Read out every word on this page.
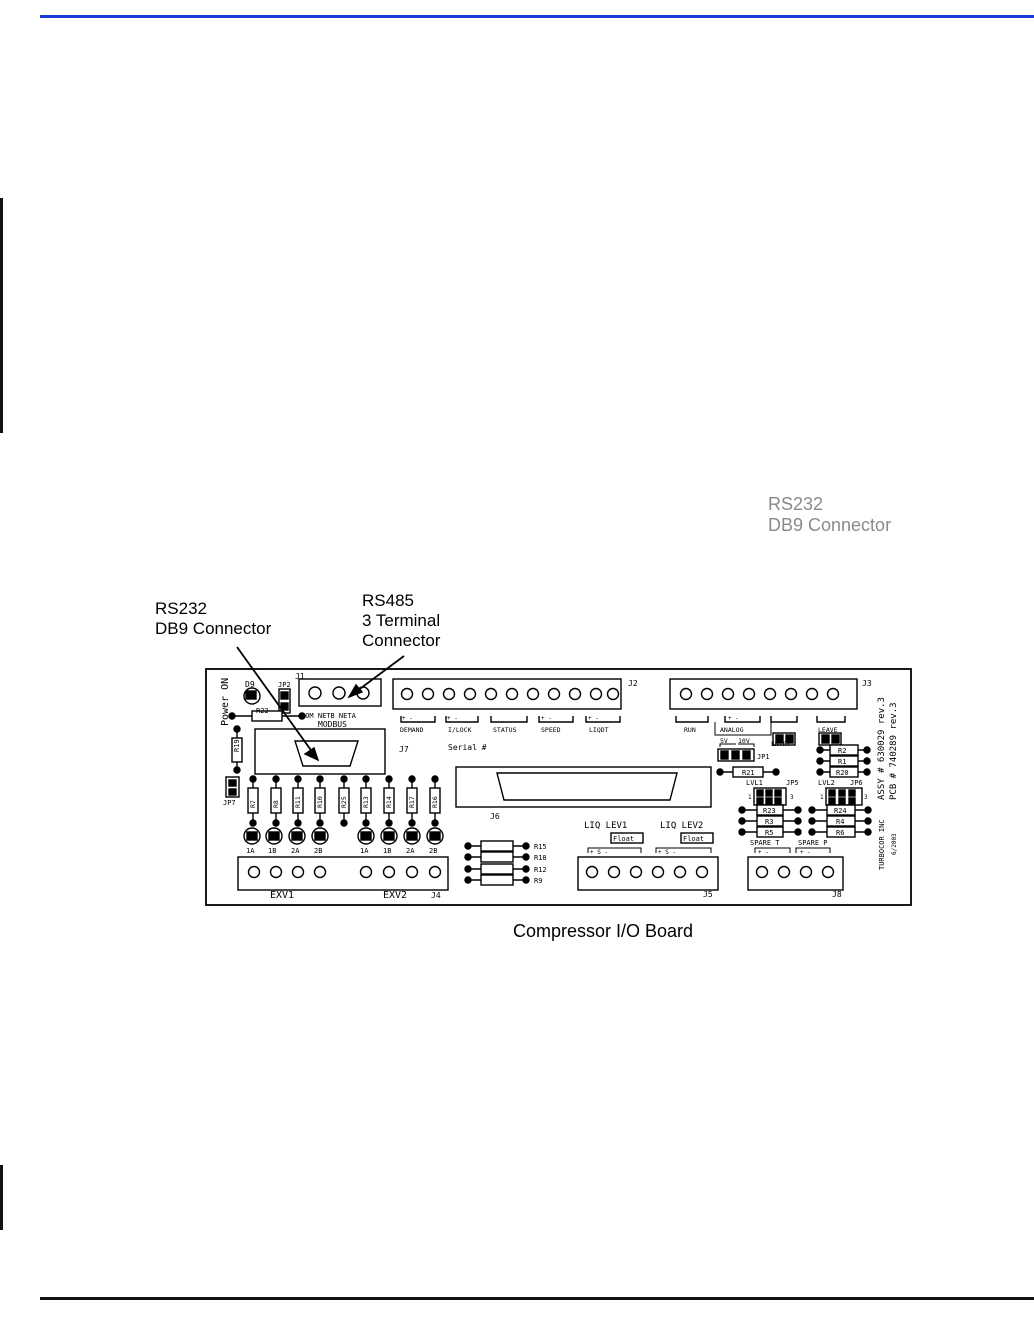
RS232
DB9 Connector
RS232
DB9 Connector
RS485
3 Terminal
Connector
J1
COM NETB NETA
MODBUS
D9	JP2
R22
R19
Power ON
JP7
J7
J2
+ -	+ -	+ -	+ -
DEMAND	I/LOCK	STATUS	SPEED	LIQDT
Serial #
J3
+ -
RUN	ANALOG
ENTRY
LEAVE
5V 10V
JP1
R2
R1
R20
R21
LVL1	JP5	LVL2 JP6
1	3	1	3
R23
R3
R5
R24
R4
R6
SPARE T	SPARE P
+ -	+ -
J8
J6
LIQ LEV1	LIQ LEV2
Float	Float
+ S -	+ S -
J5
R15
R18
R12
R9
R7 R8 R11 R10 R25 R13 R14 R17 R16
1A 1B 2A 2B	1A 1B 2A 2B
EXV1	EXV2	J4
ASSY # 630029 rev.3 PCB # 740289 rev.3
TURBOCOR INC 6/2003
Compressor I/O Board
